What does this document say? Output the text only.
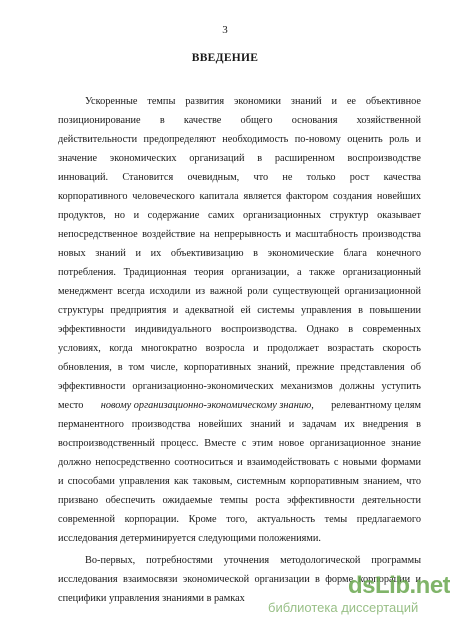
3
ВВЕДЕНИЕ
Ускоренные темпы развития экономики знаний и ее объективное
позиционирование в качестве общего основания хозяйственной
действительности предопределяют необходимость по-новому оценить роль и
значение экономических организаций в расширенном воспроизводстве
инноваций. Становится очевидным, что не только рост качества
корпоративного человеческого капитала является фактором создания новейших
продуктов, но и содержание самих организационных структур оказывает
непосредственное воздействие на непрерывность и масштабность производства
новых знаний и их объективизацию в экономические блага конечного
потребления. Традиционная теория организации, а также организационный
менеджмент всегда исходили из важной роли существующей организационной
структуры предприятия и адекватной ей системы управления в повышении
эффективности индивидуального воспроизводства. Однако в современных
условиях, когда многократно возросла и продолжает возрастать скорость
обновления, в том числе, корпоративных знаний, прежние представления об
эффективности организационно-экономических механизмов должны уступить
место новому организационно-экономическому знанию, релевантному целям
перманентного производства новейших знаний и задачам их внедрения в
воспроизводственный процесс. Вместе с этим новое организационное знание
должно непосредственно соотноситься и взаимодействовать с новыми формами
и способами управления как таковым, системным корпоративным знанием, что
призвано обеспечить ожидаемые темпы роста эффективности деятельности
современной корпорации. Кроме того, актуальность темы предлагаемого
исследования детерминируется следующими положениями.
Во-первых, потребностями уточнения методологической программы
исследования взаимосвязи экономической организации в форме корпорации и
специфики управления знаниями в рамках	dsLib.net
библиотека диссертаций
